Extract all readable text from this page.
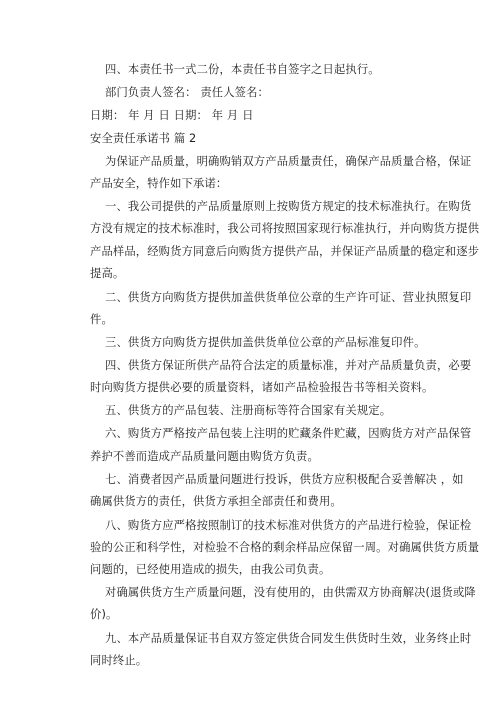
四、本责任书一式二份，本责任书自签字之日起执行。

部门负责人签名： 责任人签名：

日期： 年 月 日 日期： 年 月 日

安全责任承诺书 篇 2

为保证产品质量，明确购销双方产品质量责任，确保产品质量合格，保证

产品安全，特作如下承诺：

一、我公司提供的产品质量原则上按购货方规定的技术标准执行。在购货

方没有规定的技术标准时，我公司将按照国家现行标准执行，并向购货方提供

产品样品，经购货方同意后向购货方提供产品，并保证产品质量的稳定和逐步

提高。

二、供货方向购货方提供加盖供货单位公章的生产许可证、营业执照复印

件。

三、供货方向购货方提供加盖供货单位公章的产品标准复印件。

四、供货方保证所供产品符合法定的质量标准，并对产品质量负责，必要

时向购货方提供必要的质量资料，诸如产品检验报告书等相关资料。

五、供货方的产品包装、注册商标等符合国家有关规定。

六、购货方严格按产品包装上注明的贮藏条件贮藏，因购货方对产品保管

养护不善而造成产品质量问题由购货方负责。

七、消费者因产品质量问题进行投诉，供货方应积极配合妥善解决 ，如

确属供货方的责任，供货方承担全部责任和费用。

八、购货方应严格按照制订的技术标准对供货方的产品进行检验，保证检

验的公正和科学性，对检验不合格的剩余样品应保留一周。对确属供货方质量

问题的，已经使用造成的损失，由我公司负责。

对确属供货方生产质量问题，没有使用的，由供需双方协商解决(退货或降

价)。

九、本产品质量保证书自双方签定供货合同发生供货时生效，业务终止时

同时终止。
